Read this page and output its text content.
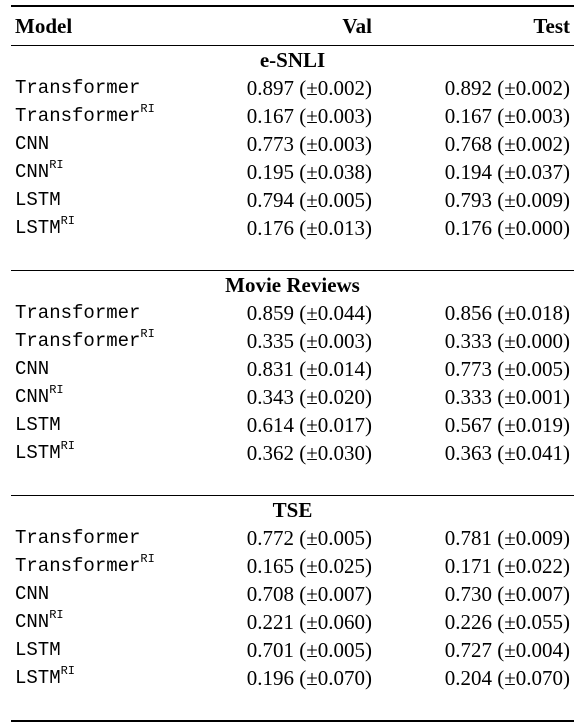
Model	Val	Test
e-SNLI		
Transformer	0.897 (±0.002)	0.892 (±0.002)
Transformer$^{RI}$	0.167 (±0.003)	0.167 (±0.003)
CNN	0.773 (±0.003)	0.768 (±0.002)
$CNN^{RI}$	0.195 (±0.038)	0.194 (±0.037)
LSTM	0.794 (±0.005)	0.793 (±0.009)
$LSTM^{RI}$	0.176 (±0.013)	0.176 (±0.000)

Movie Reviews		
Transformer	0.859 (±0.044)	0.856 (±0.018)
Transformer$^{RI}$	0.335 (±0.003)	0.333 (±0.000)
CNN	0.831 (±0.014)	0.773 (±0.005)
$CNN^{RI}$	0.343 (±0.020)	0.333 (±0.001)
LSTM	0.614 (±0.017)	0.567 (±0.019)
$LSTM^{RI}$	0.362 (±0.030)	0.363 (±0.041)

TSE		
Transformer	0.772 (±0.005)	0.781 (±0.009)
Transformer$^{RI}$	0.165 (±0.025)	0.171 (±0.022)
CNN	0.708 (±0.007)	0.730 (±0.007)
$CNN^{RI}$	0.221 (±0.060)	0.226 (±0.055)
LSTM	0.701 (±0.005)	0.727 (±0.004)
$LSTM^{RI}$	0.196 (±0.070)	0.204 (±0.070)
